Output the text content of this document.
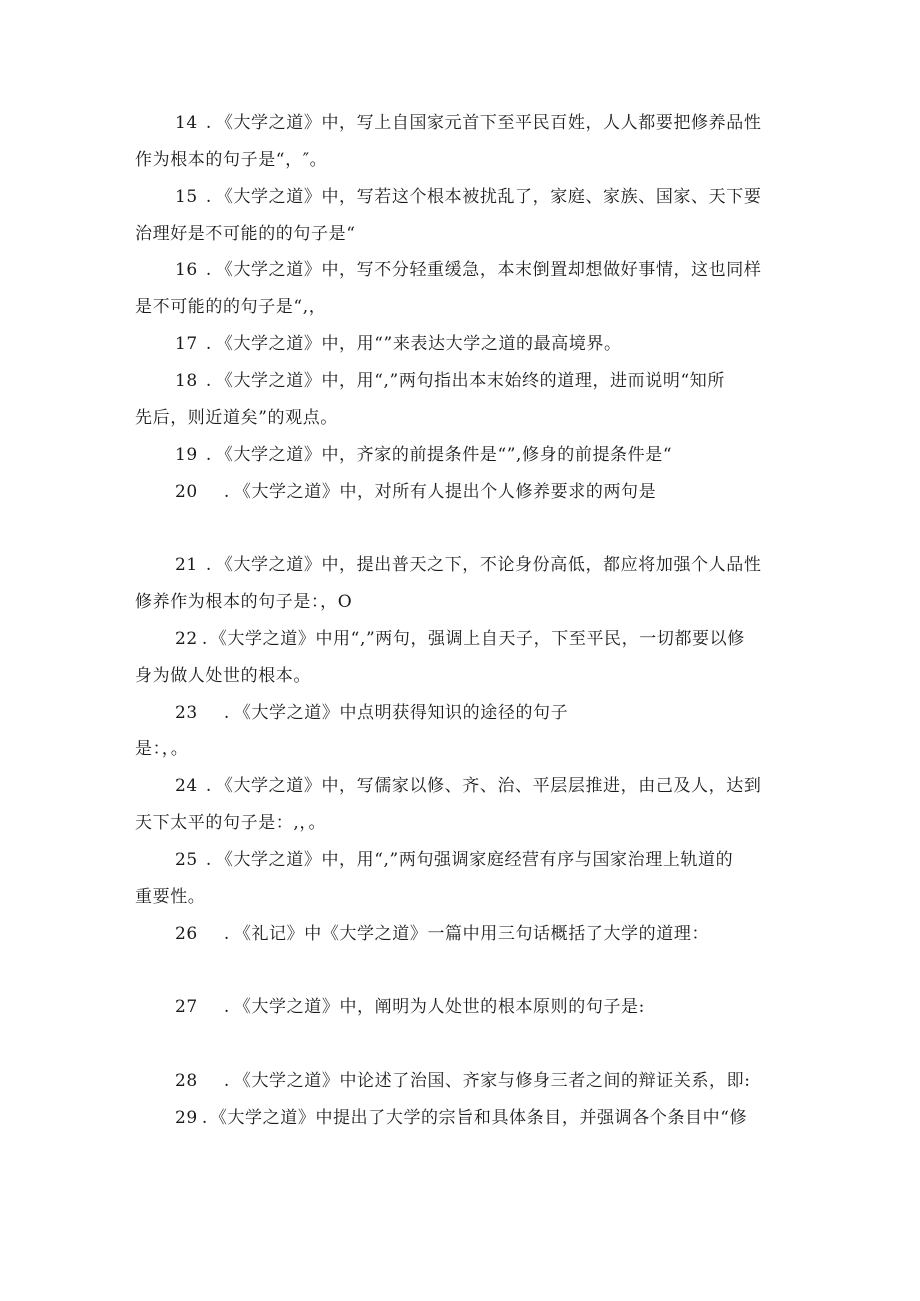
14 . 《大学之道》中，写上自国家元首下至平民百姓，人人都要把修养品性
作为根本的句子是“，″。
15 . 《大学之道》中，写若这个根本被扰乱了，家庭、家族、国家、天下要
治理好是不可能的的句子是“
16 . 《大学之道》中，写不分轻重缓急，本末倒置却想做好事情，这也同样
是不可能的的句子是“,，
17 . 《大学之道》中，用“”来表达大学之道的最高境界。
18 . 《大学之道》中，用“,”两句指出本末始终的道理，进而说明“知所
先后，则近道矣”的观点。
19 . 《大学之道》中，齐家的前提条件是“”,修身的前提条件是“
20 . 《大学之道》中，对所有人提出个人修养要求的两句是
21 . 《大学之道》中，提出普天之下，不论身份高低，都应将加强个人品性
修养作为根本的句子是：，O
22 . 《大学之道》中用“,”两句，强调上自天子，下至平民，一切都要以修
身为做人处世的根本。
23 . 《大学之道》中点明获得知识的途径的句子
是：，。
24 . 《大学之道》中，写儒家以修、齐、治、平层层推进，由己及人，达到
天下太平的句子是：,，。
25 . 《大学之道》中，用“,”两句强调家庭经营有序与国家治理上轨道的
重要性。
26 . 《礼记》中《大学之道》一篇中用三句话概括了大学的道理：
27 . 《大学之道》中，阐明为人处世的根本原则的句子是:
28 . 《大学之道》中论述了治国、齐家与修身三者之间的辩证关系，即:
29 . 《大学之道》中提出了大学的宗旨和具体条目，并强调各个条目中“修
